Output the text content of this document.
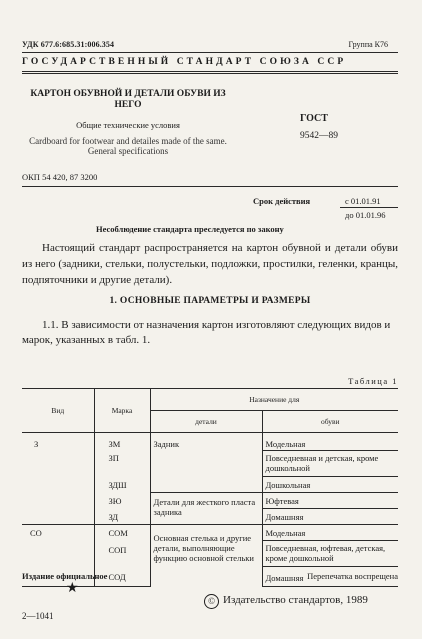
УДК 677.6:685.31:006.354	Группа К76
ГОСУДАРСТВЕННЫЙ СТАНДАРТ СОЮЗА ССР
КАРТОН ОБУВНОЙ И ДЕТАЛИ ОБУВИ ИЗ НЕГО
Общие технические условия
Cardboard for footwear and detailes made of the same. General specifications
ГОСТ
9542—89
ОКП 54 420, 87 3200
Срок действия	с 01.01.91
до 01.01.96
Несоблюдение стандарта преследуется по закону
Настоящий стандарт распространяется на картон обувной и детали обуви из него (задники, стельки, полустельки, подложки, простилки, геленки, кранцы, подпяточники и другие детали).
1. ОСНОВНЫЕ ПАРАМЕТРЫ И РАЗМЕРЫ
1.1. В зависимости от назначения картон изготовляют следующих видов и марок, указанных в табл. 1.
Таблица 1
Вид	Марка	Назначение для	
		детали	обуви
З	ЗМ	Задник	Модельная
	ЗП		Повседневная и детская, кроме дошкольной
	ЗДШ		Дошкольная
	ЗЮ	Детали для жесткого пласта задника	Юфтевая
	ЗД		Домашняя
СО	СОМ	Основная стелька и другие детали, выполняющие функцию основной стельки	Модельная
	СОП		Повседневная, юфтевая, детская, кроме дошкольной
	СОД		Домашняя
Издание официальное	Перепечатка воспрещена
★
© Издательство стандартов, 1989
2—1041
